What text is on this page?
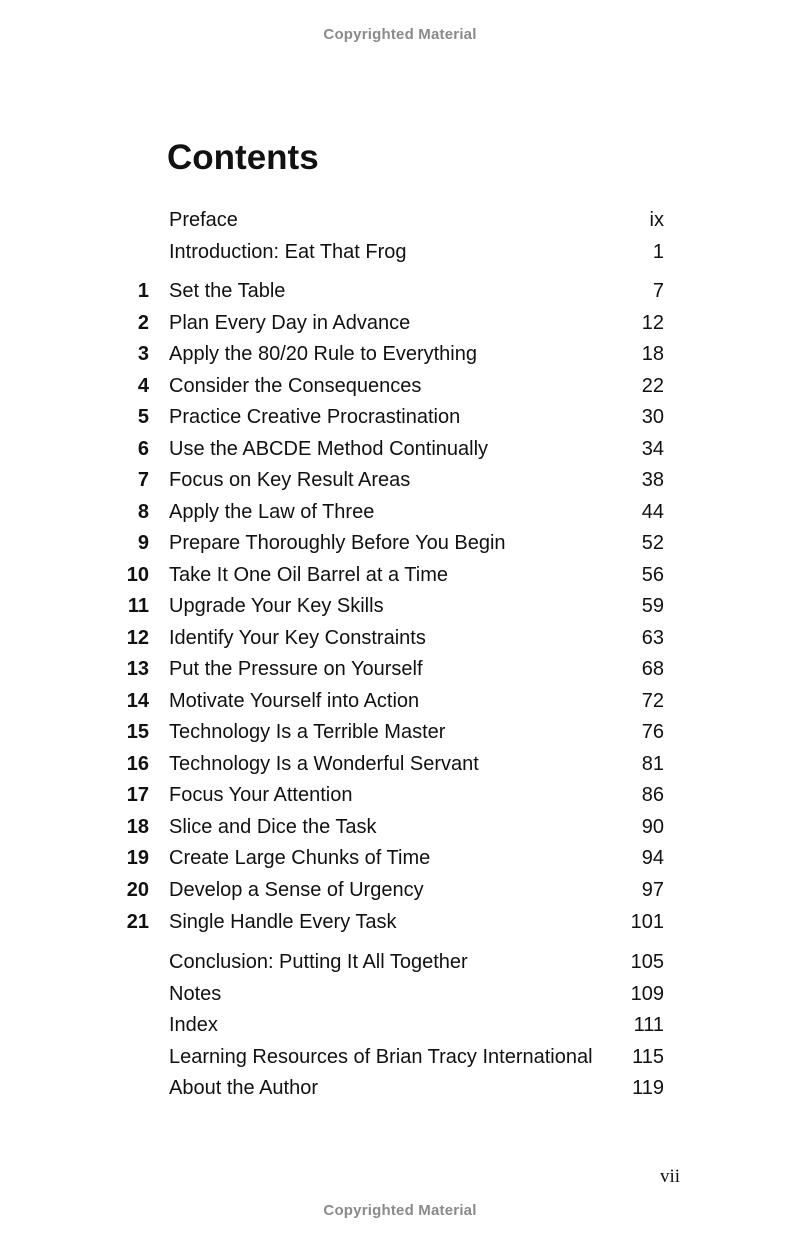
Copyrighted Material
Contents
Preface	ix
Introduction: Eat That Frog	1
1 Set the Table	7
2 Plan Every Day in Advance	12
3 Apply the 80/20 Rule to Everything	18
4 Consider the Consequences	22
5 Practice Creative Procrastination	30
6 Use the ABCDE Method Continually	34
7 Focus on Key Result Areas	38
8 Apply the Law of Three	44
9 Prepare Thoroughly Before You Begin	52
10 Take It One Oil Barrel at a Time	56
11 Upgrade Your Key Skills	59
12 Identify Your Key Constraints	63
13 Put the Pressure on Yourself	68
14 Motivate Yourself into Action	72
15 Technology Is a Terrible Master	76
16 Technology Is a Wonderful Servant	81
17 Focus Your Attention	86
18 Slice and Dice the Task	90
19 Create Large Chunks of Time	94
20 Develop a Sense of Urgency	97
21 Single Handle Every Task	101
Conclusion: Putting It All Together	105
Notes	109
Index	111
Learning Resources of Brian Tracy International	115
About the Author	119
vii
Copyrighted Material
